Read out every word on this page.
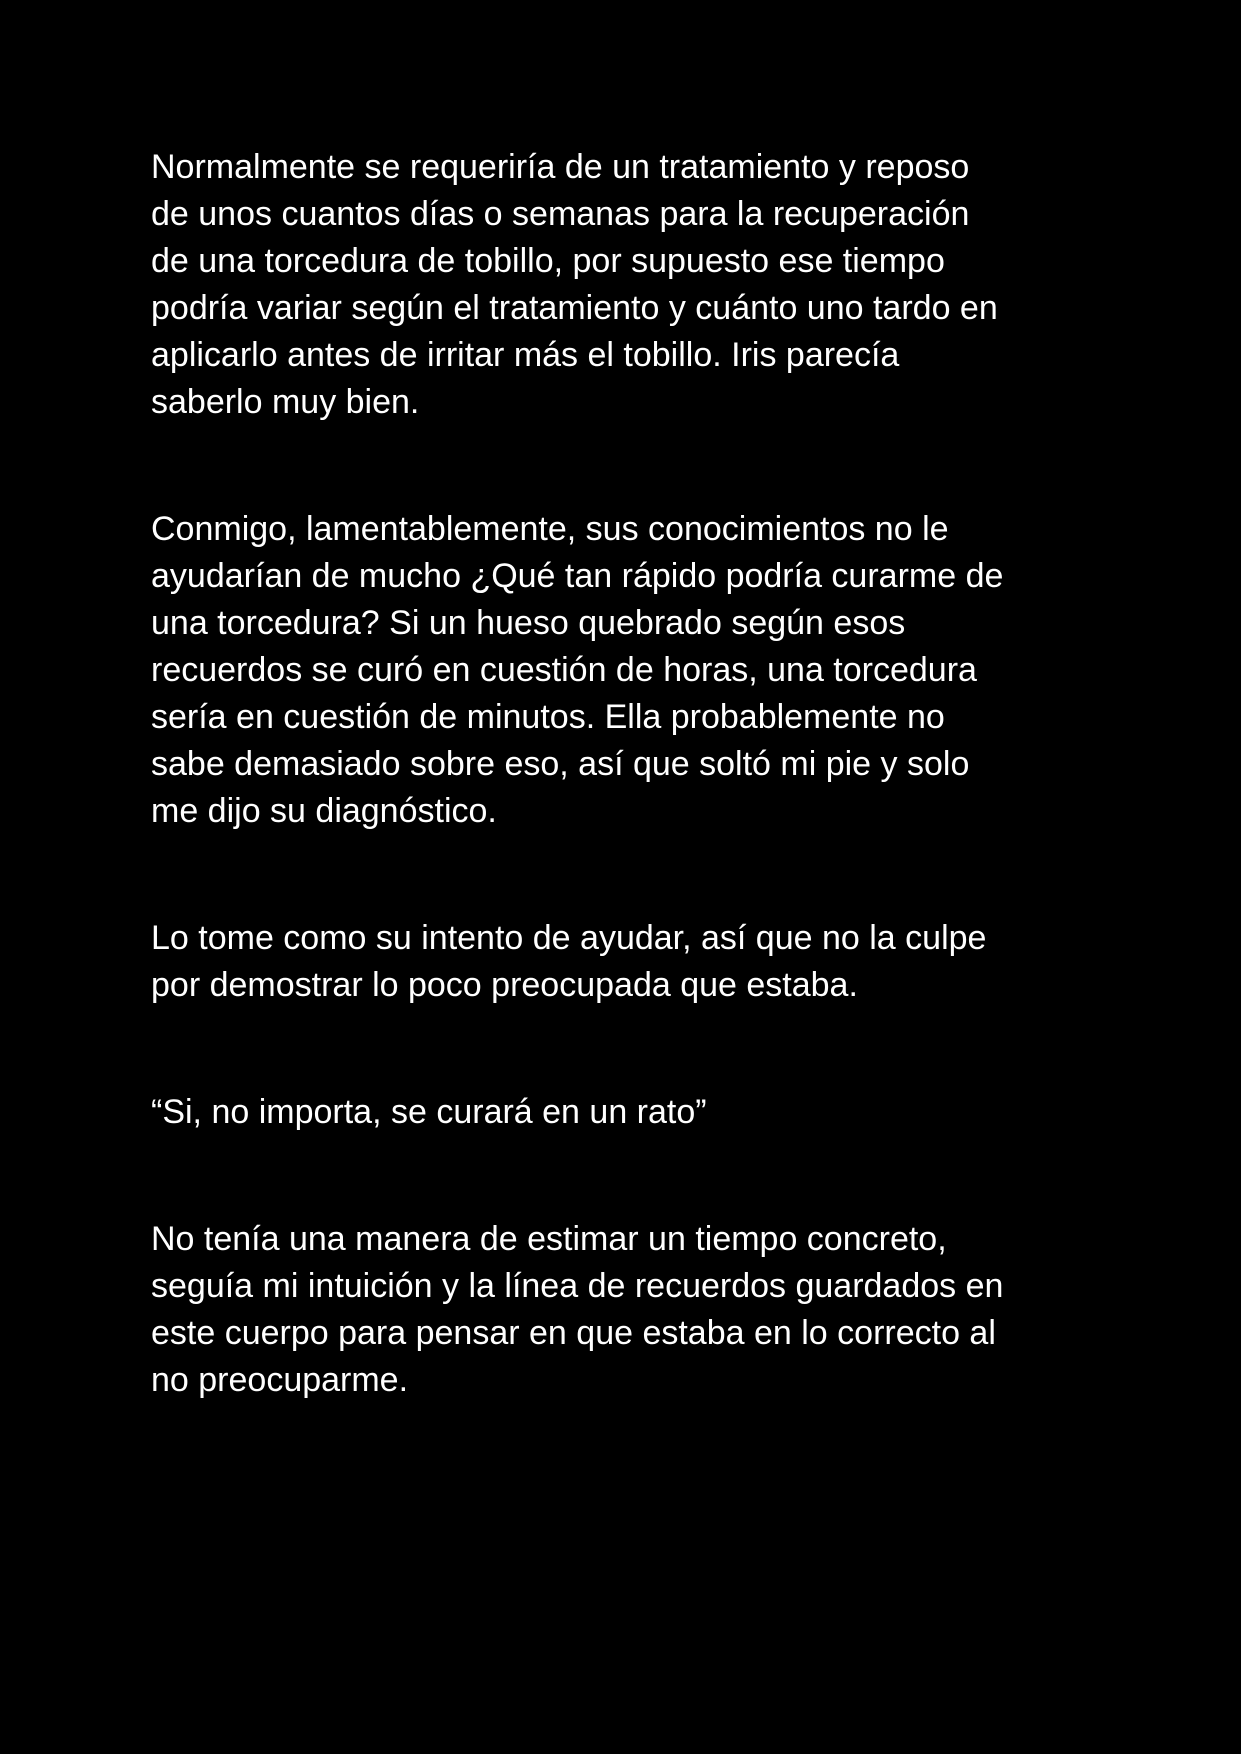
Normalmente se requeriría de un tratamiento y reposo
de unos cuantos días o semanas para la recuperación
de una torcedura de tobillo, por supuesto ese tiempo
podría variar según el tratamiento y cuánto uno tardo en
aplicarlo antes de irritar más el tobillo. Iris parecía
saberlo muy bien.
Conmigo, lamentablemente, sus conocimientos no le
ayudarían de mucho ¿Qué tan rápido podría curarme de
una torcedura? Si un hueso quebrado según esos
recuerdos se curó en cuestión de horas, una torcedura
sería en cuestión de minutos. Ella probablemente no
sabe demasiado sobre eso, así que soltó mi pie y solo
me dijo su diagnóstico.
Lo tome como su intento de ayudar, así que no la culpe
por demostrar lo poco preocupada que estaba.
“Si, no importa, se curará en un rato”
No tenía una manera de estimar un tiempo concreto,
seguía mi intuición y la línea de recuerdos guardados en
este cuerpo para pensar en que estaba en lo correcto al
no preocuparme.
